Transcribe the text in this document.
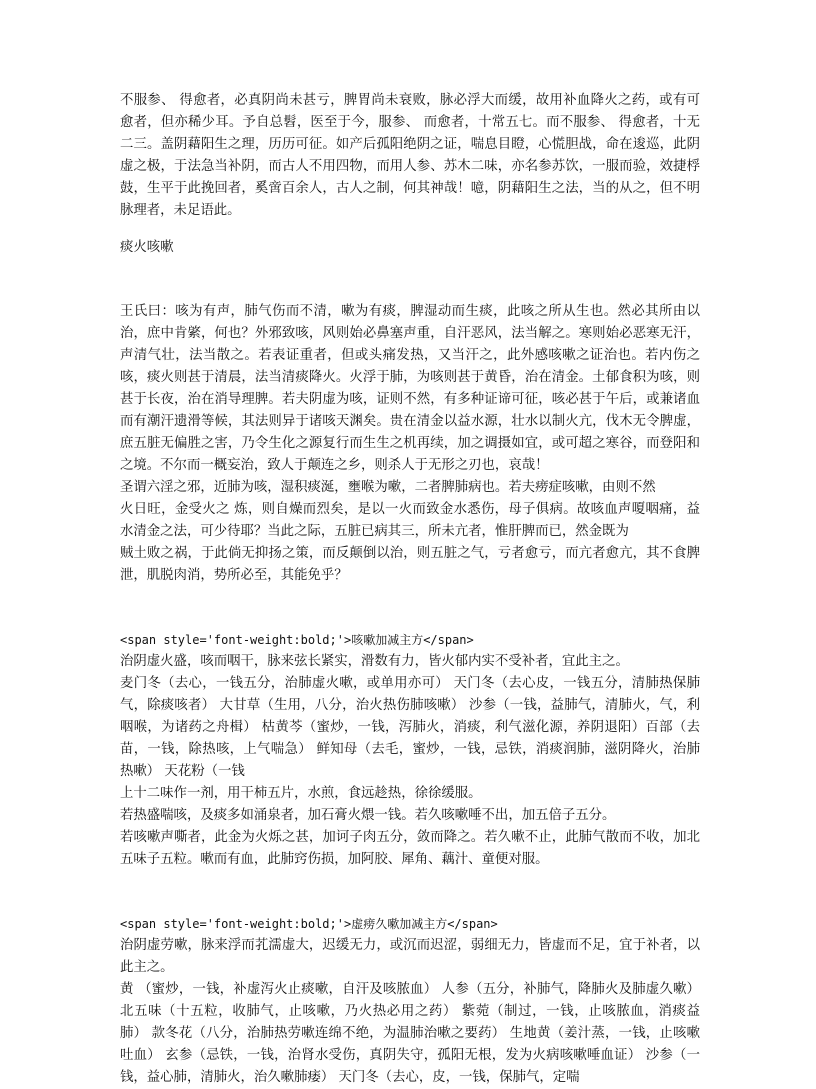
不服参、 得愈者，必真阴尚未甚亏，脾胃尚未衰败，脉必浮大而缓，故用补血降火之药，或有可愈者，但亦稀少耳。予自总髫，医至于今，服参、 而愈者，十常五七。而不服参、 得愈者，十无二三。盖阴藉阳生之理，历历可征。如产后孤阳绝阴之证，喘息目瞪，心慌胆战，命在逡巡，此阴虚之极，于法急当补阴，而古人不用四物，而用人参、苏木二味，亦名参苏饮，一服而验，效捷桴鼓，生平于此挽回者，奚啻百余人，古人之制，何其神哉！噫，阴藉阳生之法，当的从之，但不明脉理者，未足语此。

痰火咳嗽

王氏曰：咳为有声，肺气伤而不清，嗽为有痰，脾湿动而生痰，此咳之所从生也。然必其所由以治，庶中肯綮，何也？外邪致咳，风则始必鼻塞声重，自汗恶风，法当解之。寒则始必恶寒无汗，声清气壮，法当散之。若表证重者，但或头痛发热，又当汗之，此外感咳嗽之证治也。若内伤之咳，痰火则甚于清晨，法当清痰降火。火浮于肺，为咳则甚于黄昏，治在清金。土郁食积为咳，则甚于长夜，治在消导理脾。若夫阴虚为咳，证则不然，有多种证谛可征，咳必甚于午后，或兼诸血而有潮汗遗滑等候，其法则异于诸咳天渊矣。贵在清金以益水源，壮水以制火亢，伐木无令脾虚，庶五脏无偏胜之害，乃令生化之源复行而生生之机再续，加之调摄如宜，或可超之寒谷，而登阳和之境。不尔而一概妄治，致人于颠连之乡，则杀人于无形之刃也，哀哉！

圣谓六淫之邪，近肺为咳，湿积痰涎，壅喉为嗽，二者脾肺病也。若夫痨症咳嗽，由则不然

火日旺，金受火之 炼，则自燥而烈矣，是以一火而致金水悉伤，母子俱病。故咳血声嗄咽痛，益水清金之法，可少待耶？当此之际，五脏已病其三，所未亢者，惟肝脾而已，然金既为

贼土败之祸，于此倘无抑扬之策，而反颠倒以治，则五脏之气，亏者愈亏，而亢者愈亢，其不食脾泄，肌脱肉消，势所必至，其能免乎？

<span style='font-weight:bold;'>咳嗽加减主方</span>

治阴虚火盛，咳而咽干，脉来弦长紧实，滑数有力，皆火郁内实不受补者，宜此主之。

麦门冬（去心，一钱五分，治肺虚火嗽，或单用亦可） 天门冬（去心皮，一钱五分，清肺热保肺气，除痰咳者） 大甘草（生用，八分，治火热伤肺咳嗽） 沙参（一钱，益肺气，清肺火，气，利咽喉，为诸药之舟楫） 枯黄芩（蜜炒，一钱，泻肺火，消痰，利气滋化源，养阴退阳）百部（去苗，一钱，除热咳，上气喘急） 鲜知母（去毛，蜜炒，一钱，忌铁，消痰润肺，滋阴降火，治肺热嗽） 天花粉（一钱

上十二味作一剂，用干柿五片，水煎，食远趁热，徐徐缓服。

若热盛喘咳，及痰多如涌泉者，加石膏火煨一钱。若久咳嗽唾不出，加五倍子五分。

若咳嗽声嘶者，此金为火烁之甚，加诃子肉五分，敛而降之。若久嗽不止，此肺气散而不收，加北五味子五粒。嗽而有血，此肺窍伤损，加阿胶、犀角、藕汁、童便对服。

<span style='font-weight:bold;'>虚痨久嗽加减主方</span>

治阴虚劳嗽，脉来浮而芤濡虚大，迟缓无力，或沉而迟涩，弱细无力，皆虚而不足，宜于补者，以此主之。

黄 （蜜炒，一钱，补虚泻火止痰嗽，自汗及咳脓血） 人参（五分，补肺气，降肺火及肺虚久嗽） 北五味（十五粒，收肺气，止咳嗽，乃火热必用之药） 紫菀（制过，一钱，止咳脓血，消痰益肺） 款冬花（八分，治肺热劳嗽连绵不绝，为温肺治嗽之要药） 生地黄（姜汁蒸，一钱，止咳嗽吐血） 玄参（忌铁，一钱，治肾水受伤，真阴失守，孤阳无根，发为火病咳嗽唾血证） 沙参（一钱，益心肺，清肺火，治久嗽肺痿） 天门冬（去心，皮，一钱，保肺气，定喘
